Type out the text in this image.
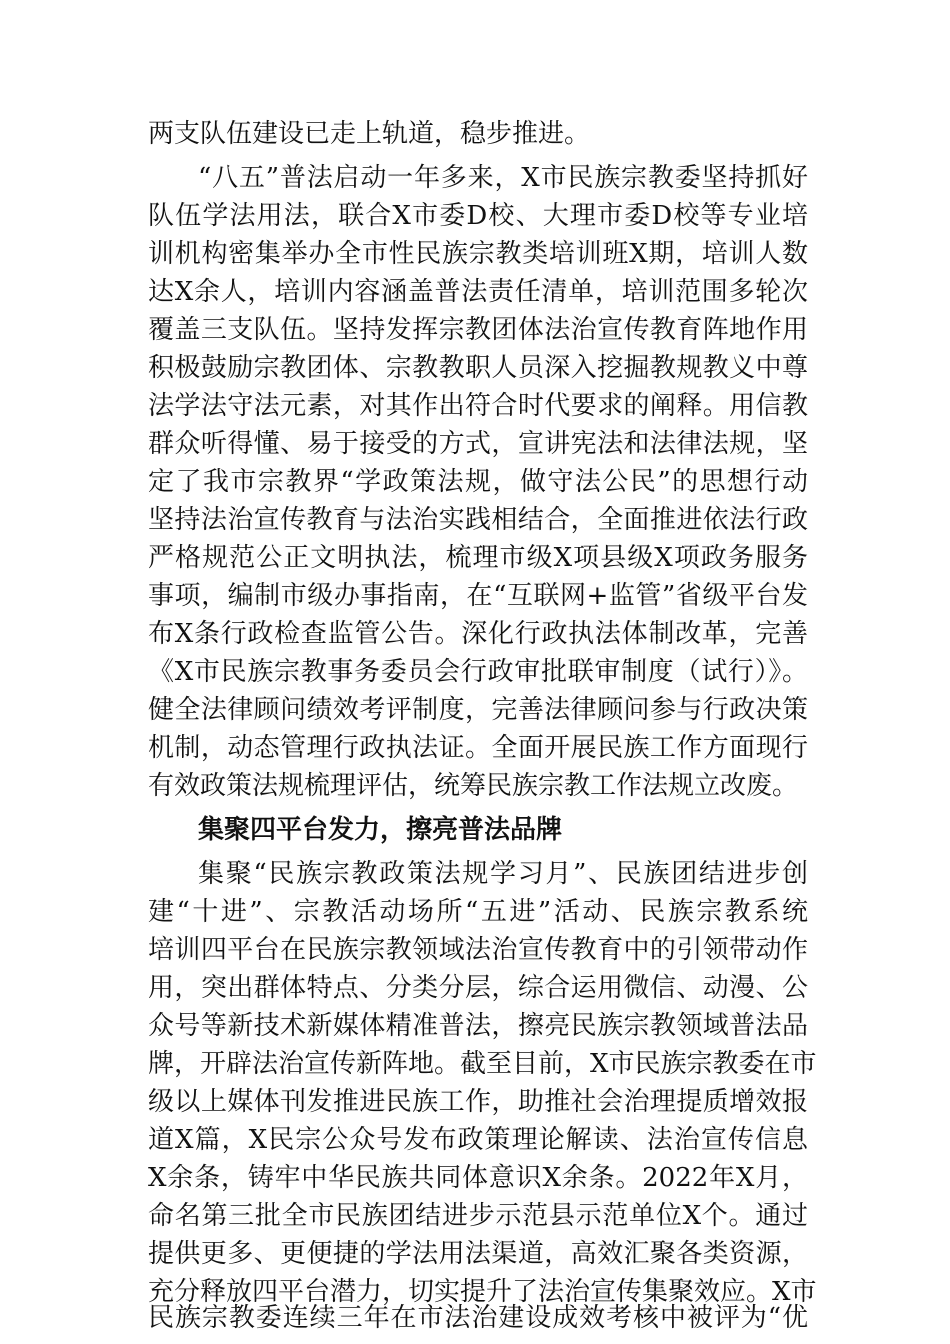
两支队伍建设已走上轨道，稳步推进。
“八五”普法启动一年多来，X市民族宗教委坚持抓好
队伍学法用法，联合X市委D校、大理市委D校等专业培
训机构密集举办全市性民族宗教类培训班X期，培训人数
达X余人，培训内容涵盖普法责任清单，培训范围多轮次
覆盖三支队伍。坚持发挥宗教团体法治宣传教育阵地作用
积极鼓励宗教团体、宗教教职人员深入挖掘教规教义中尊
法学法守法元素，对其作出符合时代要求的阐释。用信教
群众听得懂、易于接受的方式，宣讲宪法和法律法规，坚
定了我市宗教界“学政策法规，做守法公民”的思想行动
坚持法治宣传教育与法治实践相结合，全面推进依法行政
严格规范公正文明执法，梳理市级X项县级X项政务服务
事项，编制市级办事指南，在“互联网+监管”省级平台发
布X条行政检查监管公告。深化行政执法体制改革，完善
《X市民族宗教事务委员会行政审批联审制度（试行）》。
健全法律顾问绩效考评制度，完善法律顾问参与行政决策
机制，动态管理行政执法证。全面开展民族工作方面现行
有效政策法规梳理评估，统筹民族宗教工作法规立改废。
集聚四平台发力，擦亮普法品牌
集聚“民族宗教政策法规学习月”、民族团结进步创
建“十进”、宗教活动场所“五进”活动、民族宗教系统
培训四平台在民族宗教领域法治宣传教育中的引领带动作
用，突出群体特点、分类分层，综合运用微信、动漫、公
众号等新技术新媒体精准普法，擦亮民族宗教领域普法品
牌，开辟法治宣传新阵地。截至目前，X市民族宗教委在市
级以上媒体刊发推进民族工作，助推社会治理提质增效报
道X篇，X民宗公众号发布政策理论解读、法治宣传信息
X余条，铸牢中华民族共同体意识X余条。2022年X月，
命名第三批全市民族团结进步示范县示范单位X个。通过
提供更多、更便捷的学法用法渠道，高效汇聚各类资源，
充分释放四平台潜力，切实提升了法治宣传集聚效应。X市
民族宗教委连续三年在市法治建设成效考核中被评为“优
